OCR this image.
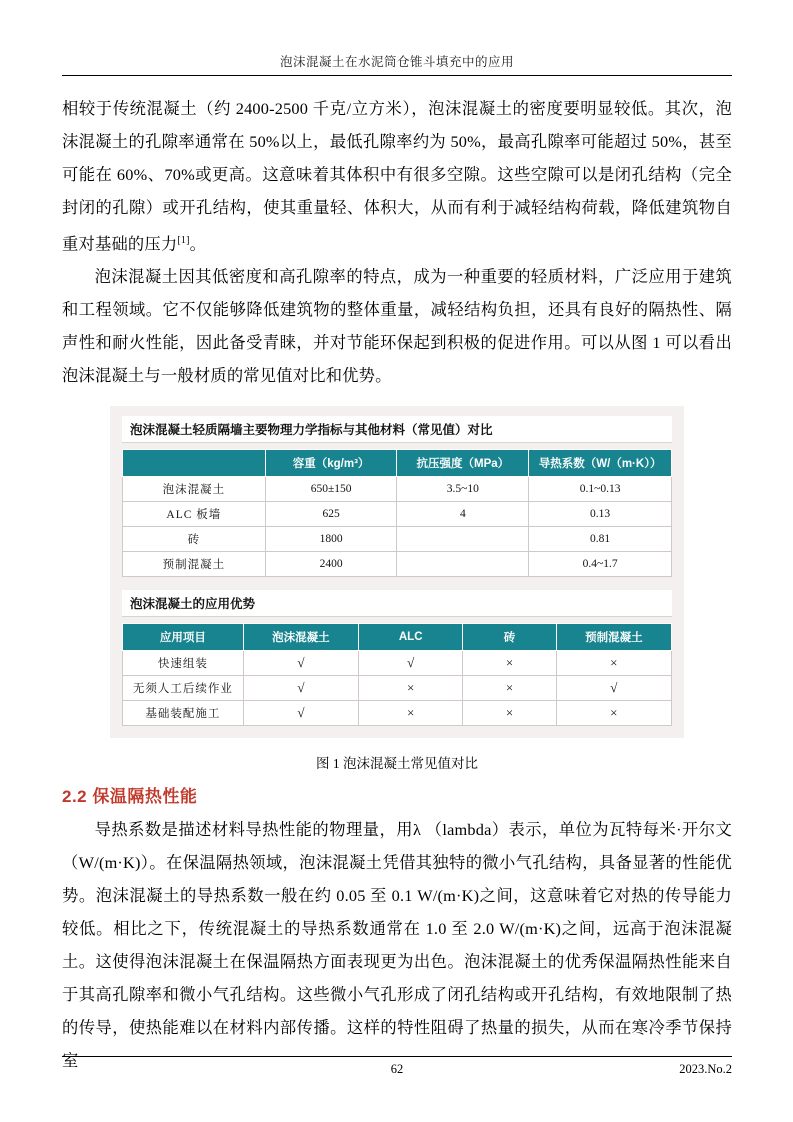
泡沫混凝土在水泥筒仓锥斗填充中的应用

相较于传统混凝土（约 2400-2500 千克/立方米），泡沫混凝土的密度要明显较低。其次，泡沫混凝土的孔隙率通常在 50%以上，最低孔隙率约为 50%，最高孔隙率可能超过 50%，甚至可能在 60%、70%或更高。这意味着其体积中有很多空隙。这些空隙可以是闭孔结构（完全封闭的孔隙）或开孔结构，使其重量轻、体积大，从而有利于减轻结构荷载，降低建筑物自重对基础的压力[1]。

泡沫混凝土因其低密度和高孔隙率的特点，成为一种重要的轻质材料，广泛应用于建筑和工程领域。它不仅能够降低建筑物的整体重量，减轻结构负担，还具有良好的隔热性、隔声性和耐火性能，因此备受青睐，并对节能环保起到积极的促进作用。可以从图 1 可以看出泡沫混凝土与一般材质的常见值对比和优势。

泡沫混凝土轻质隔墙主要物理力学指标与其他材料（常见值）对比
	容重（kg/m³）	抗压强度（MPa）	导热系数（W/（m·K））
泡沫混凝土	650±150	3.5~10	0.1~0.13
ALC 板墙	625	4	0.13
砖	1800		0.81
预制混凝土	2400		0.4~1.7
泡沫混凝土的应用优势
应用项目	泡沫混凝土	ALC	砖	预制混凝土
快速组装	√	√	×	×
无须人工后续作业	√	×	×	√
基础装配施工	√	×	×	×
图 1 泡沫混凝土常见值对比
2.2 保温隔热性能

导热系数是描述材料导热性能的物理量，用λ （lambda）表示，单位为瓦特每米·开尔文（W/(m·K)）。在保温隔热领域，泡沫混凝土凭借其独特的微小气孔结构，具备显著的性能优势。泡沫混凝土的导热系数一般在约 0.05 至 0.1 W/(m·K)之间，这意味着它对热的传导能力较低。相比之下，传统混凝土的导热系数通常在 1.0 至 2.0 W/(m·K)之间，远高于泡沫混凝土。这使得泡沫混凝土在保温隔热方面表现更为出色。泡沫混凝土的优秀保温隔热性能来自于其高孔隙率和微小气孔结构。这些微小气孔形成了闭孔结构或开孔结构，有效地限制了热的传导，使热能难以在材料内部传播。这样的特性阻碍了热量的损失，从而在寒冷季节保持室	62	2023.No.2
